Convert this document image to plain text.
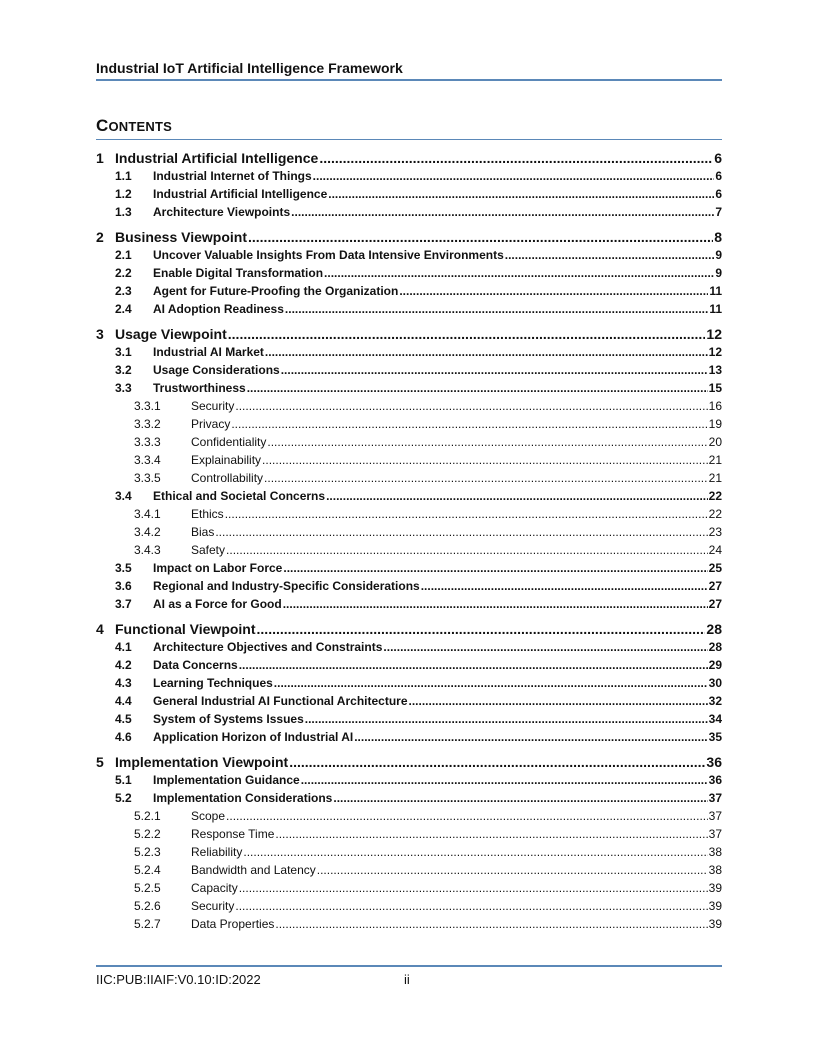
Industrial IoT Artificial Intelligence Framework
CONTENTS
1 Industrial Artificial Intelligence .....	6
1.1	Industrial Internet of Things .....	6
1.2	Industrial Artificial Intelligence .....	6
1.3	Architecture Viewpoints .....	7
2 Business Viewpoint .....	8
2.1	Uncover Valuable Insights From Data Intensive Environments .....	9
2.2	Enable Digital Transformation .....	9
2.3	Agent for Future-Proofing the Organization .....	11
2.4	AI Adoption Readiness .....	11
3 Usage Viewpoint .....	12
3.1	Industrial AI Market .....	12
3.2	Usage Considerations .....	13
3.3	Trustworthiness .....	15
3.3.1	Security .....	16
3.3.2	Privacy .....	19
3.3.3	Confidentiality .....	20
3.3.4	Explainability .....	21
3.3.5	Controllability .....	21
3.4	Ethical and Societal Concerns .....	22
3.4.1	Ethics .....	22
3.4.2	Bias .....	23
3.4.3	Safety .....	24
3.5	Impact on Labor Force .....	25
3.6	Regional and Industry-Specific Considerations .....	27
3.7	AI as a Force for Good .....	27
4 Functional Viewpoint .....	28
4.1	Architecture Objectives and Constraints .....	28
4.2	Data Concerns .....	29
4.3	Learning Techniques .....	30
4.4	General Industrial AI Functional Architecture .....	32
4.5	System of Systems Issues .....	34
4.6	Application Horizon of Industrial AI .....	35
5 Implementation Viewpoint .....	36
5.1	Implementation Guidance .....	36
5.2	Implementation Considerations .....	37
5.2.1	Scope .....	37
5.2.2	Response Time .....	37
5.2.3	Reliability .....	38
5.2.4	Bandwidth and Latency .....	38
5.2.5	Capacity .....	39
5.2.6	Security .....	39
5.2.7	Data Properties .....	39
IIC:PUB:IIAIF:V0.10:ID:2022	ii
